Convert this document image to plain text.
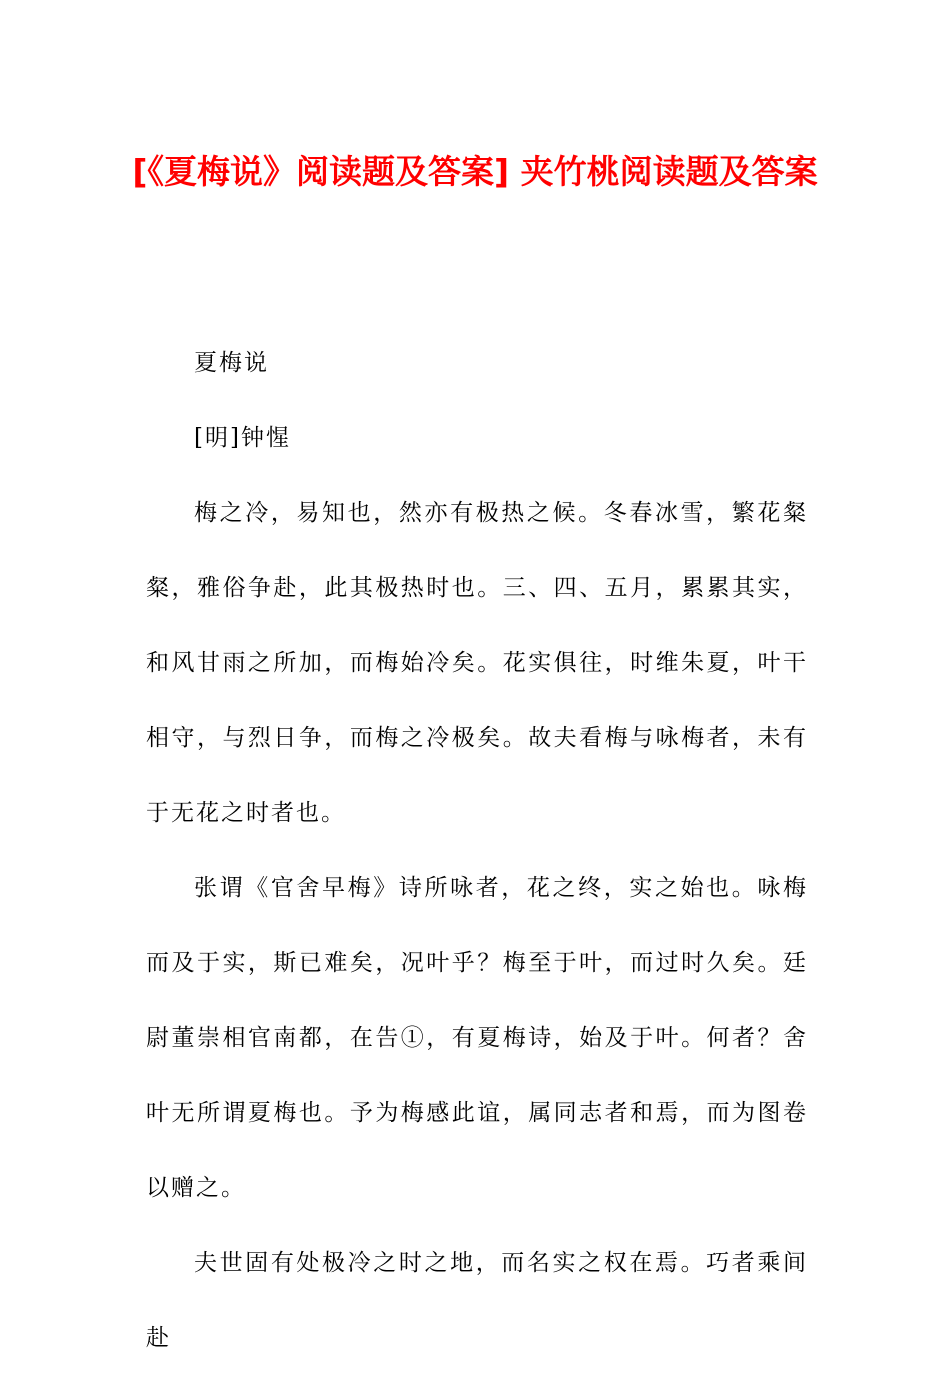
[《夏梅说》阅读题及答案] 夹竹桃阅读题及答案

夏梅说

[明]钟惺

梅之冷，易知也，然亦有极热之候。冬春冰雪，繁花粲粲，雅俗争赴，此其极热时也。三、四、五月，累累其实，和风甘雨之所加，而梅始冷矣。花实俱往，时维朱夏，叶干相守，与烈日争，而梅之冷极矣。故夫看梅与咏梅者，未有于无花之时者也。

张谓《官舍早梅》诗所咏者，花之终，实之始也。咏梅而及于实，斯已难矣，况叶乎？梅至于叶，而过时久矣。廷尉董崇相官南都，在告①，有夏梅诗，始及于叶。何者？舍叶无所谓夏梅也。予为梅感此谊，属同志者和焉，而为图卷以赠之。

夫世固有处极冷之时之地，而名实之权在焉。巧者乘间赴
